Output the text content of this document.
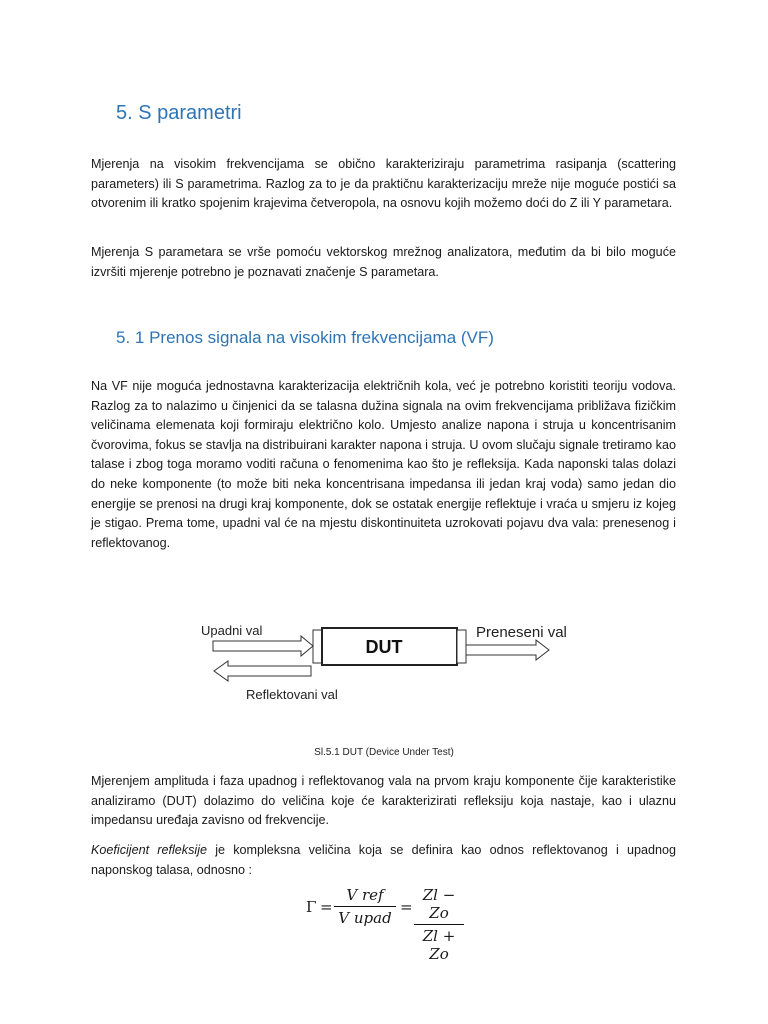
5. S parametri

Mjerenja na visokim frekvencijama se obično karakteriziraju parametrima rasipanja (scattering parameters) ili S parametrima. Razlog za to je da praktičnu karakterizaciju mreže nije moguće postići sa otvorenim ili kratko spojenim krajevima četveropola, na osnovu kojih možemo doći do Z ili Y parametara.

Mjerenja S parametara se vrše pomoću vektorskog mrežnog analizatora, međutim da bi bilo moguće izvršiti mjerenje potrebno je poznavati značenje S parametara.

5. 1 Prenos signala na visokim frekvencijama (VF)

Na VF nije moguća jednostavna karakterizacija električnih kola, već je potrebno koristiti teoriju vodova. Razlog za to nalazimo u činjenici da se talasna dužina signala na ovim frekvencijama približava fizičkim veličinama elemenata koji formiraju električno kolo. Umjesto analize napona i struja u koncentrisanim čvorovima, fokus se stavlja na distribuirani karakter napona i struja. U ovom slučaju signale tretiramo kao talase i zbog toga moramo voditi računa o fenomenima kao što je refleksija. Kada naponski talas dolazi do neke komponente (to može biti neka koncentrisana impedansa ili jedan kraj voda) samo jedan dio energije se prenosi na drugi kraj komponente, dok se ostatak energije reflektuje i vraća u smjeru iz kojeg je stigao. Prema tome, upadni val će na mjestu diskontinuiteta uzrokovati pojavu dva vala: prenesenog i reflektovanog.

Upadni val
DUT
Preneseni val
Reflektovani val
Sl.5.1 DUT (Device Under Test)

Mjerenjem amplituda i faza upadnog i reflektovanog vala na prvom kraju komponente čije karakteristike analiziramo (DUT) dolazimo do veličina koje će karakterizirati refleksiju koja nastaje, kao i ulaznu impedansu uređaja zavisno od frekvencije.

Koeficijent refleksije je kompleksna veličina koja se definira kao odnos reflektovanog i upadnog naponskog talasa, odnosno :

Γ =
V ref
V upad
= $\frac{Zl - Zo}{Zl + Zo}$
